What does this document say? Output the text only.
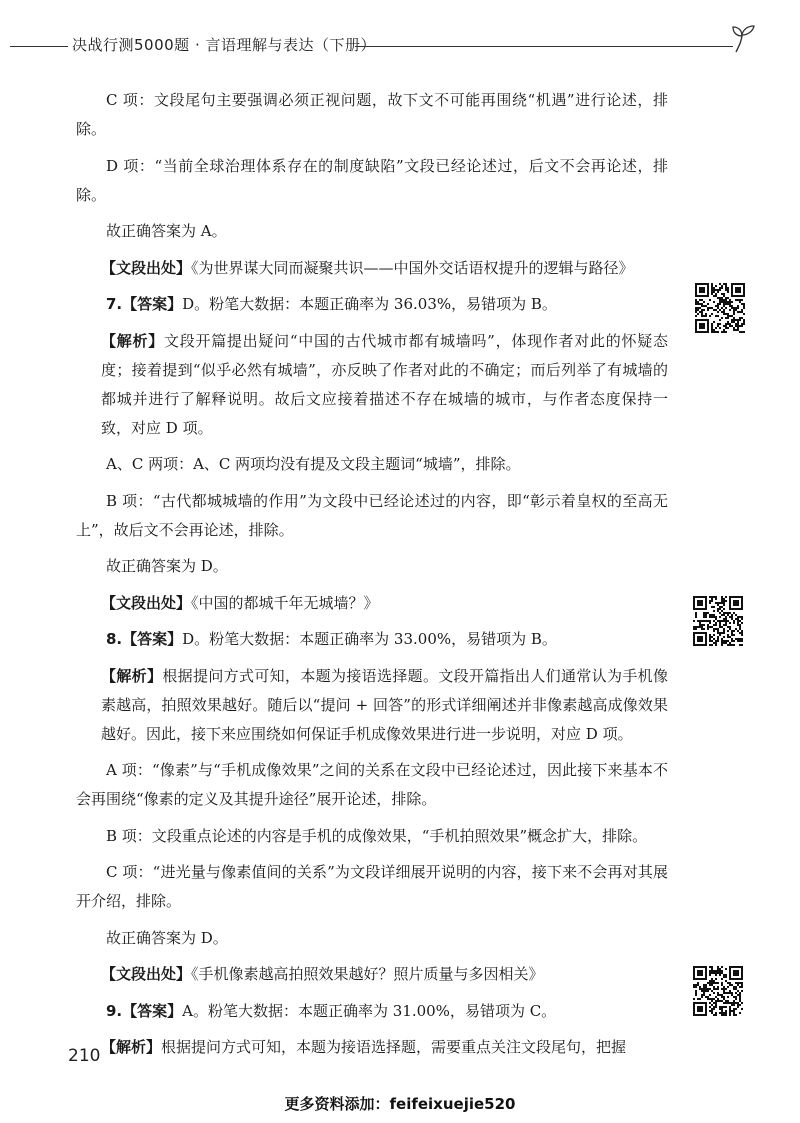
决战行测5000题 · 言语理解与表达（下册）

C 项：文段尾句主要强调必须正视问题，故下文不可能再围绕“机遇”进行论述，排除。

D 项：“当前全球治理体系存在的制度缺陷”文段已经论述过，后文不会再论述，排除。

故正确答案为 A。

【文段出处】《为世界谋大同而凝聚共识——中国外交话语权提升的逻辑与路径》

7.【答案】D。粉笔大数据：本题正确率为 36.03%，易错项为 B。

【解析】文段开篇提出疑问“中国的古代城市都有城墙吗”，体现作者对此的怀疑态度；接着提到“似乎必然有城墙”，亦反映了作者对此的不确定；而后列举了有城墙的都城并进行了解释说明。故后文应接着描述不存在城墙的城市，与作者态度保持一致，对应 D 项。

A、C 两项：A、C 两项均没有提及文段主题词“城墙”，排除。

B 项：“古代都城城墙的作用”为文段中已经论述过的内容，即“彰示着皇权的至高无上”，故后文不会再论述，排除。

故正确答案为 D。

【文段出处】《中国的都城千年无城墙？》

8.【答案】D。粉笔大数据：本题正确率为 33.00%，易错项为 B。

【解析】根据提问方式可知，本题为接语选择题。文段开篇指出人们通常认为手机像素越高，拍照效果越好。随后以“提问 + 回答”的形式详细阐述并非像素越高成像效果越好。因此，接下来应围绕如何保证手机成像效果进行进一步说明，对应 D 项。

A 项：“像素”与“手机成像效果”之间的关系在文段中已经论述过，因此接下来基本不会再围绕“像素的定义及其提升途径”展开论述，排除。

B 项：文段重点论述的内容是手机的成像效果，“手机拍照效果”概念扩大，排除。

C 项：“进光量与像素值间的关系”为文段详细展开说明的内容，接下来不会再对其展开介绍，排除。

故正确答案为 D。

【文段出处】《手机像素越高拍照效果越好？照片质量与多因相关》

9.【答案】A。粉笔大数据：本题正确率为 31.00%，易错项为 C。

【解析】根据提问方式可知，本题为接语选择题，需要重点关注文段尾句，把握

210
更多资料添加：feifeixuejie520
